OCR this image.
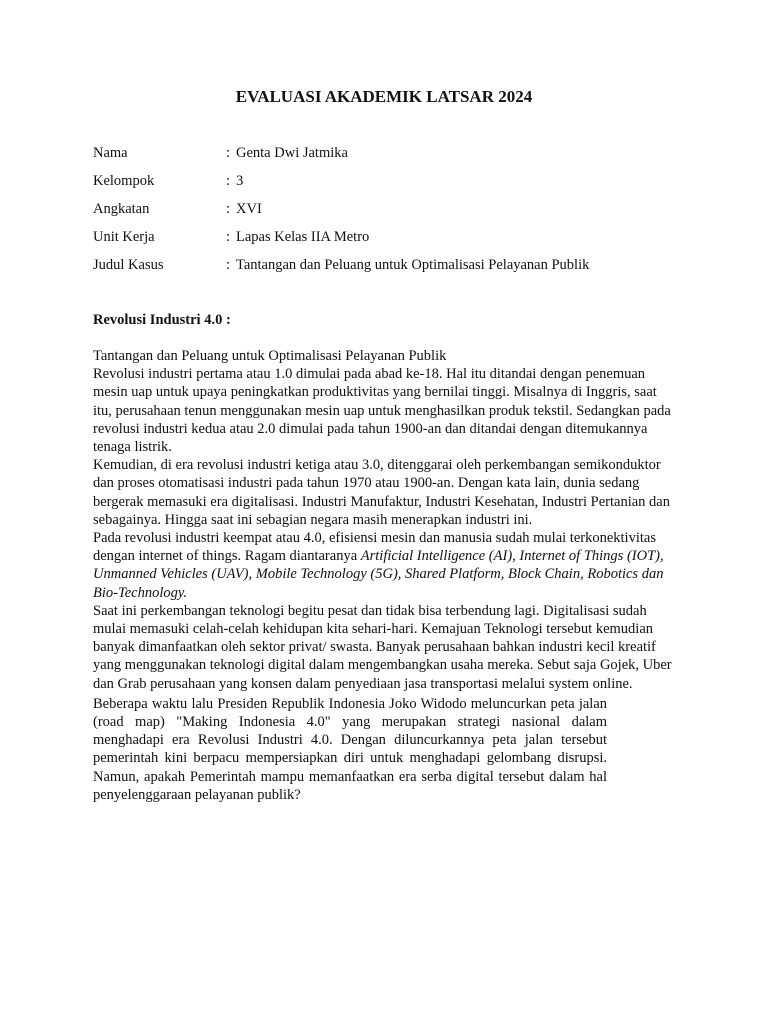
EVALUASI AKADEMIK LATSAR 2024
Nama	: Genta Dwi Jatmika
Kelompok	: 3
Angkatan	: XVI
Unit Kerja	: Lapas Kelas IIA Metro
Judul Kasus	: Tantangan dan Peluang untuk Optimalisasi Pelayanan Publik
Revolusi Industri 4.0 :

Tantangan dan Peluang untuk Optimalisasi Pelayanan Publik

Revolusi industri pertama atau 1.0 dimulai pada abad ke-18. Hal itu ditandai dengan penemuan mesin uap untuk upaya peningkatkan produktivitas yang bernilai tinggi. Misalnya di Inggris, saat itu, perusahaan tenun menggunakan mesin uap untuk menghasilkan produk tekstil. Sedangkan pada revolusi industri kedua atau 2.0 dimulai pada tahun 1900-an dan ditandai dengan ditemukannya tenaga listrik.

Kemudian, di era revolusi industri ketiga atau 3.0, ditenggarai oleh perkembangan semikonduktor dan proses otomatisasi industri pada tahun 1970 atau 1900-an. Dengan kata lain, dunia sedang bergerak memasuki era digitalisasi. Industri Manufaktur, Industri Kesehatan, Industri Pertanian dan sebagainya. Hingga saat ini sebagian negara masih menerapkan industri ini.

Pada revolusi industri keempat atau 4.0, efisiensi mesin dan manusia sudah mulai terkonektivitas dengan internet of things. Ragam diantaranya Artificial Intelligence (AI), Internet of Things (IOT), Unmanned Vehicles (UAV), Mobile Technology (5G), Shared Platform, Block Chain, Robotics dan Bio-Technology.

Saat ini perkembangan teknologi begitu pesat dan tidak bisa terbendung lagi. Digitalisasi sudah mulai memasuki celah-celah kehidupan kita sehari-hari. Kemajuan Teknologi tersebut kemudian banyak dimanfaatkan oleh sektor privat/ swasta. Banyak perusahaan bahkan industri kecil kreatif yang menggunakan teknologi digital dalam mengembangkan usaha mereka. Sebut saja Gojek, Uber dan Grab perusahaan yang konsen dalam penyediaan jasa transportasi melalui system online.

Beberapa waktu lalu Presiden Republik Indonesia Joko Widodo meluncurkan peta jalan (road map) "Making Indonesia 4.0" yang merupakan strategi nasional dalam menghadapi era Revolusi Industri 4.0. Dengan diluncurkannya peta jalan tersebut pemerintah kini berpacu mempersiapkan diri untuk menghadapi gelombang disrupsi. Namun, apakah Pemerintah mampu memanfaatkan era serba digital tersebut dalam hal penyelenggaraan pelayanan publik?
